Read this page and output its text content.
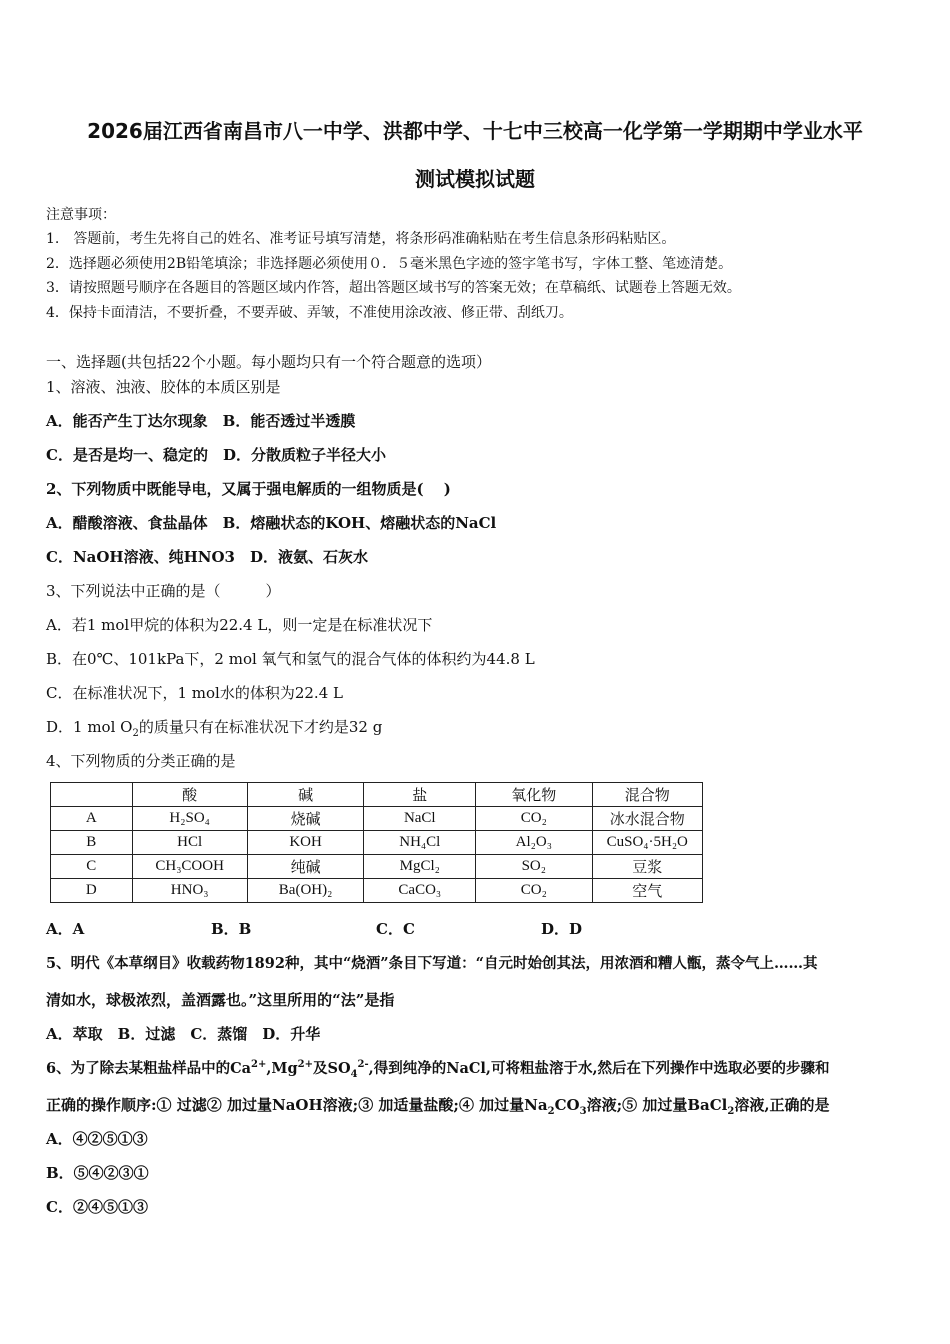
2026届江西省南昌市八一中学、洪都中学、十七中三校高一化学第一学期期中学业水平
测试模拟试题
注意事项：
1.　答题前，考生先将自己的姓名、准考证号填写清楚，将条形码准确粘贴在考生信息条形码粘贴区。
2．选择题必须使用2B铅笔填涂；非选择题必须使用０．５毫米黑色字迹的签字笔书写，字体工整、笔迹清楚。
3．请按照题号顺序在各题目的答题区域内作答，超出答题区域书写的答案无效；在草稿纸、试题卷上答题无效。
4．保持卡面清洁，不要折叠，不要弄破、弄皱，不准使用涂改液、修正带、刮纸刀。
一、选择题(共包括22个小题。每小题均只有一个符合题意的选项）
1、溶液、浊液、胶体的本质区别是
A．能否产生丁达尔现象　B．能否透过半透膜
C．是否是均一、稳定的　D．分散质粒子半径大小
2、下列物质中既能导电，又属于强电解质的一组物质是(　 )
A．醋酸溶液、食盐晶体　B．熔融状态的KOH、熔融状态的NaCl
C．NaOH溶液、纯HNO3　D．液氨、石灰水
3、下列说法中正确的是（　　　）
A．若1 mol甲烷的体积为22.4 L，则一定是在标准状况下
B．在0℃、101kPa下，2 mol 氧气和氢气的混合气体的体积约为44.8 L
C．在标准状况下，1 mol水的体积为22.4 L
D．1 mol $O_2$的质量只有在标准状况下才约是32 g
4、下列物质的分类正确的是
	酸	碱	盐	氧化物	混合物
A	H₂SO₄	烧碱	NaCl	CO₂	冰水混合物
B	HCl	KOH	NH₄Cl	Al₂O₃	CuSO₄·5H₂O
C	CH₃COOH	纯碱	MgCl₂	SO₂	豆浆
D	HNO₃	Ba(OH)₂	CaCO₃	CO₂	空气
A．A	B．B	C．C	D．D
5、明代《本草纲目》收载药物1892种，其中“烧酒”条目下写道：“自元时始创其法，用浓酒和糟人甑，蒸令气上……其
清如水，球极浓烈，盖酒露也。”这里所用的“法”是指
A．萃取　B．过滤　C．蒸馏　D．升华
6、为了除去某粗盐样品中的$Ca^{2+},Mg^{2+}$及$SO_4^{2-}$,得到纯净的NaCl,可将粗盐溶于水,然后在下列操作中选取必要的步骤和
正确的操作顺序:① 过滤② 加过量NaOH溶液;③ 加适量盐酸;④ 加过量$Na_2CO_3$溶液;⑤ 加过量BaCl$_2$溶液,正确的是
A．④②⑤①③
B．⑤④②③①
C．②④⑤①③
